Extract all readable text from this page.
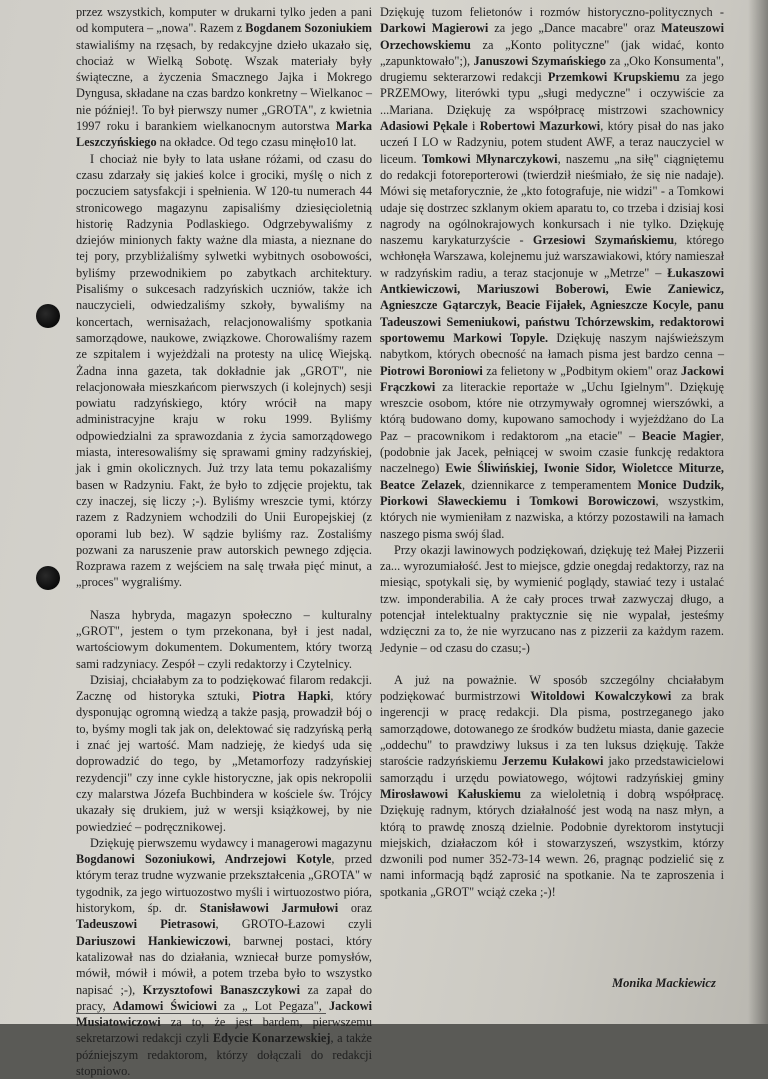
przez wszystkich, komputer w drukarni tylko jeden a pani od komputera – „nowa". Razem z Bogdanem Sozoniukiem stawialiśmy na rzęsach, by redakcyjne dzieło ukazało się, chociaż w Wielką Sobotę. Wszak materiały były świąteczne, a życzenia Smacznego Jajka i Mokrego Dyngusa, składane na czas bardzo konkretny – Wielkanoc – nie później!. To był pierwszy numer „GROTA", z kwietnia 1997 roku i barankiem wielkanocnym autorstwa Marka Leszczyńskiego na okładce. Od tego czasu minęło10 lat.

I chociaż nie były to lata usłane różami, od czasu do czasu zdarzały się jakieś kolce i grociki, myślę o nich z poczuciem satysfakcji i spełnienia. W 120-tu numerach 44 stronicowego magazynu zapisaliśmy dziesięcioletnią historię Radzynia Podlaskiego. Odgrzebywaliśmy z dziejów minionych fakty ważne dla miasta, a nieznane do tej pory, przybliżaliśmy sylwetki wybitnych osobowości, byliśmy przewodnikiem po zabytkach architektury. Pisaliśmy o sukcesach radzyńskich uczniów, także ich nauczycieli, odwiedzaliśmy szkoły, bywaliśmy na koncertach, wernisażach, relacjonowaliśmy spotkania samorządowe, naukowe, związkowe. Chorowaliśmy razem ze szpitalem i wyjeżdżali na protesty na ulicę Wiejską. Żadna inna gazeta, tak dokładnie jak „GROT", nie relacjonowała mieszkańcom pierwszych (i kolejnych) sesji powiatu radzyńskiego, który wrócił na mapy administracyjne kraju w roku 1999. Byliśmy odpowiedzialni za sprawozdania z życia samorządowego miasta, interesowaliśmy się sprawami gminy radzyńskiej, jak i gmin okolicznych. Już trzy lata temu pokazaliśmy basen w Radzyniu. Fakt, że było to zdjęcie projektu, tak czy inaczej, się liczy ;-). Byliśmy wreszcie tymi, którzy razem z Radzyniem wchodzili do Unii Europejskiej (z oporami lub bez). W sądzie byliśmy raz. Zostaliśmy pozwani za naruszenie praw autorskich pewnego zdjęcia. Rozprawa razem z wejściem na salę trwała pięć minut, a „proces" wygraliśmy.

Nasza hybryda, magazyn społeczno – kulturalny „GROT", jestem o tym przekonana, był i jest nadal, wartościowym dokumentem. Dokumentem, który tworzą sami radzyniacy. Zespół – czyli redaktorzy i Czytelnicy.

Dzisiaj, chciałabym za to podziękować filarom redakcji. Zacznę od historyka sztuki, Piotra Hapki, który dysponując ogromną wiedzą a także pasją, prowadził bój o to, byśmy mogli tak jak on, delektować się radzyńską perłą i znać jej wartość. Mam nadzieję, że kiedyś uda się doprowadzić do tego, by „Metamorfozy radzyńskiej rezydencji" czy inne cykle historyczne, jak opis nekropolii czy malarstwa Józefa Buchbindera w kościele św. Trójcy ukazały się drukiem, już w wersji książkowej, by nie powiedzieć – podręcznikowej.

Dziękuję pierwszemu wydawcy i managerowi magazynu Bogdanowi Sozoniukowi, Andrzejowi Kotyle, przed którym teraz trudne wyzwanie przekształcenia „GROTA" w tygodnik, za jego wirtuozostwo myśli i wirtuozostwo pióra, historykom, śp. dr. Stanisławowi Jarmułowi oraz Tadeuszowi Pietrasowi, GROTO-Łazowi czyli Dariuszowi Hankiewiczowi, barwnej postaci, który katalizował nas do działania, wzniecał burze pomysłów, mówił, mówił i mówił, a potem trzeba było to wszystko napisać ;-), Krzysztofowi Banaszczykowi za zapał do pracy, Adamowi Świciowi za „ Lot Pegaza", Jackowi Musiatowiczowi za to, że jest bardem, pierwszemu sekretarzowi redakcji czyli Edycie Konarzewskiej, a także późniejszym redaktorom, którzy dołączali do redakcji stopniowo.

Dziękuję tuzom felietonów i rozmów historyczno-politycznych - Darkowi Magierowi za jego „Dance macabre" oraz Mateuszowi Orzechowskiemu za „Konto polityczne" (jak widać, konto „zapunktowało";), Januszowi Szymańskiego za „Oko Konsumenta", drugiemu sekterarzowi redakcji Przemkowi Krupskiemu za jego PRZEMOwy, literówki typu „sługi medyczne" i oczywiście za ...Mariana. Dziękuję za współpracę mistrzowi szachownicy Adasiowi Pękale i Robertowi Mazurkowi, który pisał do nas jako uczeń I LO w Radzyniu, potem student AWF, a teraz nauczyciel w liceum. Tomkowi Młynarczykowi, naszemu „na siłę" ciągniętemu do redakcji fotoreporterowi (twierdził nieśmiało, że się nie nadaje). Mówi się metaforycznie, że „kto fotografuje, nie widzi" - a Tomkowi udaje się dostrzec szklanym okiem aparatu to, co trzeba i dzisiaj kosi nagrody na ogólnokrajowych konkursach i nie tylko. Dziękuję naszemu karykaturzyście - Grzesiowi Szymańskiemu, którego wchłonęła Warszawa, kolejnemu już warszawiakowi, który namieszał w radzyńskim radiu, a teraz stacjonuje w „Metrze" – Łukaszowi Antkiewiczowi, Mariuszowi Boberowi, Ewie Zaniewicz, Agnieszcze Gątarczyk, Beacie Fijałek, Agnieszcze Kocyle, panu Tadeuszowi Semeniukowi, państwu Tchórzewskim, redaktorowi sportowemu Markowi Topyle. Dziękuję naszym najświeższym nabytkom, których obecność na łamach pisma jest bardzo cenna – Piotrowi Boroniowi za felietony w „Podbitym okiem" oraz Jackowi Frączkowi za literackie reportaże w „Uchu Igielnym". Dziękuję wreszcie osobom, które nie otrzymywały ogromnej wierszówki, a którą budowano domy, kupowano samochody i wyjeżdżano do La Paz – pracownikom i redaktorom „na etacie" – Beacie Magier, (podobnie jak Jacek, pełniącej w swoim czasie funkcję redaktora naczelnego) Ewie Śliwińskiej, Iwonie Sidor, Wioletcce Miturze, Beatce Zelazek, dziennikarce z temperamentem Monice Dudzik, Piorkowi Sławeckiemu i Tomkowi Borowiczowi, wszystkim, których nie wymieniłam z nazwiska, a którzy pozostawili na łamach naszego pisma swój ślad.

Przy okazji lawinowych podziękowań, dziękuję też Małej Pizzerii za... wyrozumiałość. Jest to miejsce, gdzie onegdaj redaktorzy, raz na miesiąc, spotykali się, by wymienić poglądy, stawiać tezy i ustalać tzw. imponderabilia. A że cały proces trwał zazwyczaj długo, a potencjał intelektualny praktycznie się nie wypalał, jesteśmy wdzięczni za to, że nie wyrzucano nas z pizzerii za każdym razem. Jedynie – od czasu do czasu;-)

A już na poważnie. W sposób szczególny chciałabym podziękować burmistrzowi Witoldowi Kowalczykowi za brak ingerencji w pracę redakcji. Dla pisma, postrzeganego jako samorządowe, dotowanego ze środków budżetu miasta, danie gazecie „oddechu" to prawdziwy luksus i za ten luksus dziękuję. Także staroście radzyńskiemu Jerzemu Kułakowi jako przedstawicielowi samorządu i urzędu powiatowego, wójtowi radzyńskiej gminy Mirosławowi Kałuskiemu za wieloletnią i dobrą współpracę. Dziękuję radnym, których działalność jest wodą na nasz młyn, a którą to prawdę znoszą dzielnie. Podobnie dyrektorom instytucji miejskich, działaczom kół i stowarzyszeń, wszystkim, którzy dzwonili pod numer 352-73-14 wewn. 26, pragnąc podzielić się z nami informacją bądź zaprosić na spotkanie. Na te zaproszenia i spotkania „GROT" wciąż czeka ;-)!

Monika Mackiewicz
